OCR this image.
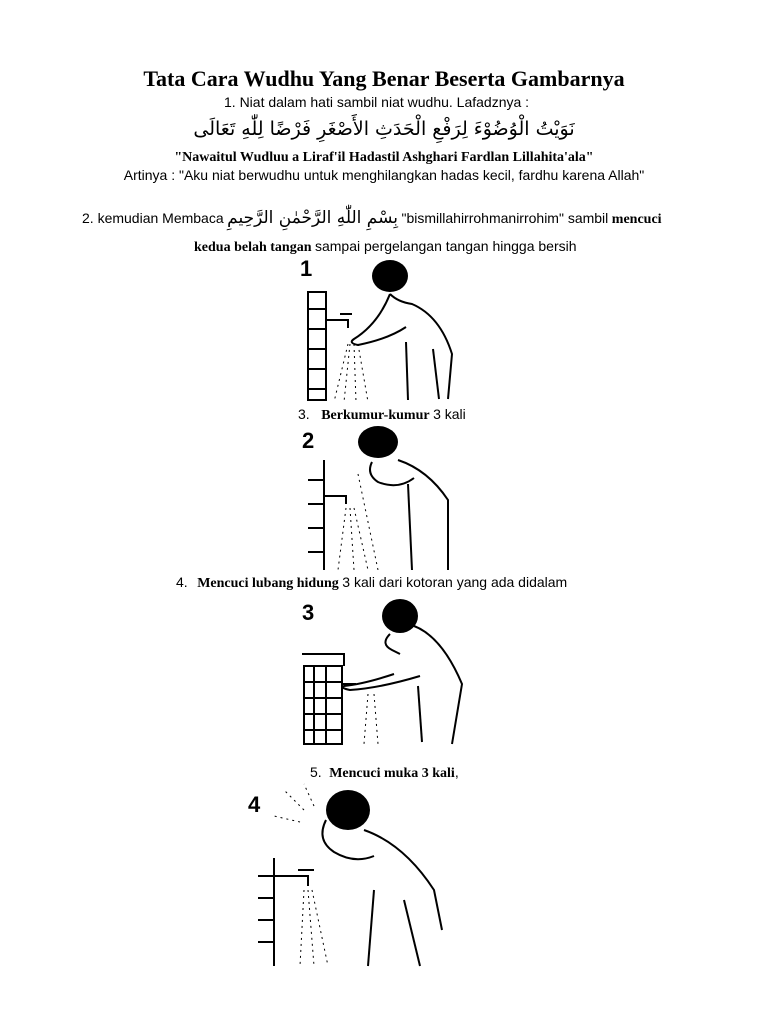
Tata Cara Wudhu Yang Benar Beserta Gambarnya
1. Niat dalam hati sambil niat wudhu. Lafadznya :
نَوَيْتُ الْوُضُوْءَ لِرَفْعِ الْحَدَثِ الأَصْغَرِ فَرْضًا لِلّٰهِ تَعَالَى
"Nawaitul Wudluu a Liraf'il Hadastil Ashghari Fardlan Lillahita'ala"
Artinya : "Aku niat berwudhu untuk menghilangkan hadas kecil, fardhu karena Allah"
2. kemudian Membaca بِسْمِ اللّٰهِ الرَّحْمٰنِ الرَّحِيمِ "bismillahirrohmanirrohim" sambil mencuci
kedua belah tangan sampai pergelangan tangan hingga bersih
1
3. Berkumur-kumur 3 kali
2
4. Mencuci lubang hidung 3 kali dari kotoran yang ada didalam
3
5. Mencuci muka 3 kali,
4
